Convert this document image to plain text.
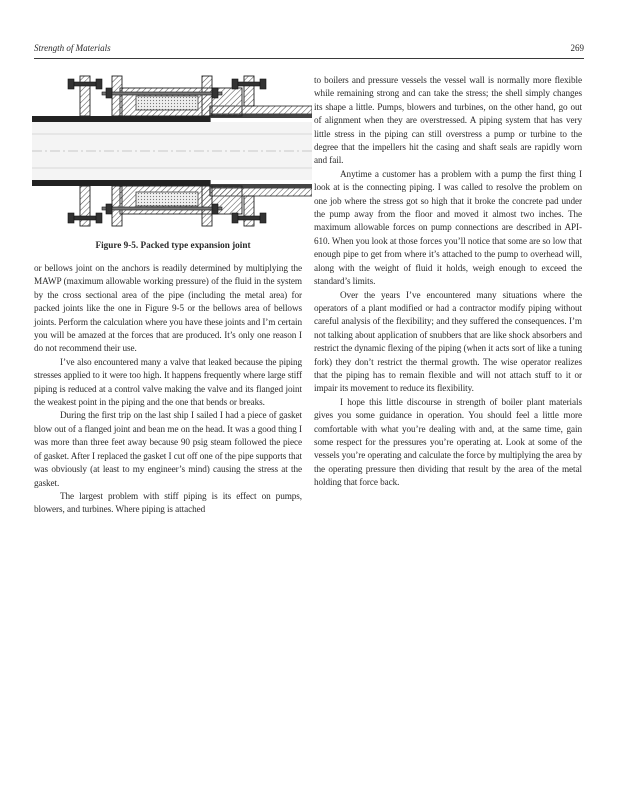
Strength of Materials	269
Figure 9-5. Packed type expansion joint

or bellows joint on the anchors is readily determined by multiplying the MAWP (maximum allowable working pressure) of the fluid in the system by the cross sectional area of the pipe (including the metal area) for packed joints like the one in Figure 9-5 or the bellows area of bellows joints. Perform the calculation where you have these joints and I’m certain you will be amazed at the forces that are produced. It’s only one reason I do not recommend their use.

I’ve also encountered many a valve that leaked because the piping stresses applied to it were too high. It happens frequently where large stiff piping is reduced at a control valve making the valve and its flanged joint the weakest point in the piping and the one that bends or breaks.

During the first trip on the last ship I sailed I had a piece of gasket blow out of a flanged joint and bean me on the head. It was a good thing I was more than three feet away because 90 psig steam followed the piece of gasket. After I replaced the gasket I cut off one of the pipe supports that was obviously (at least to my engineer’s mind) causing the stress at the gasket.

The largest problem with stiff piping is its effect on pumps, blowers, and turbines. Where piping is attached

to boilers and pressure vessels the vessel wall is normally more flexible while remaining strong and can take the stress; the shell simply changes its shape a little. Pumps, blowers and turbines, on the other hand, go out of alignment when they are overstressed. A piping system that has very little stress in the piping can still overstress a pump or turbine to the degree that the impellers hit the casing and shaft seals are rapidly worn and fail.

Anytime a customer has a problem with a pump the first thing I look at is the connecting piping. I was called to resolve the problem on one job where the stress got so high that it broke the concrete pad under the pump away from the floor and moved it almost two inches. The maximum allowable forces on pump connections are described in API-610. When you look at those forces you’ll notice that some are so low that enough pipe to get from where it’s attached to the pump to overhead will, along with the weight of fluid it holds, weigh enough to exceed the standard’s limits.

Over the years I’ve encountered many situations where the operators of a plant modified or had a contractor modify piping without careful analysis of the flexibility; and they suffered the consequences. I’m not talking about application of snubbers that are like shock absorbers and restrict the dynamic flexing of the piping (when it acts sort of like a tuning fork) they don’t restrict the thermal growth. The wise operator realizes that the piping has to remain flexible and will not attach stuff to it or impair its movement to reduce its flexibility.

I hope this little discourse in strength of boiler plant materials gives you some guidance in operation. You should feel a little more comfortable with what you’re dealing with and, at the same time, gain some respect for the pressures you’re operating at. Look at some of the vessels you’re operating and calculate the force by multiplying the area by the operating pressure then dividing that result by the area of the metal holding that force back.
